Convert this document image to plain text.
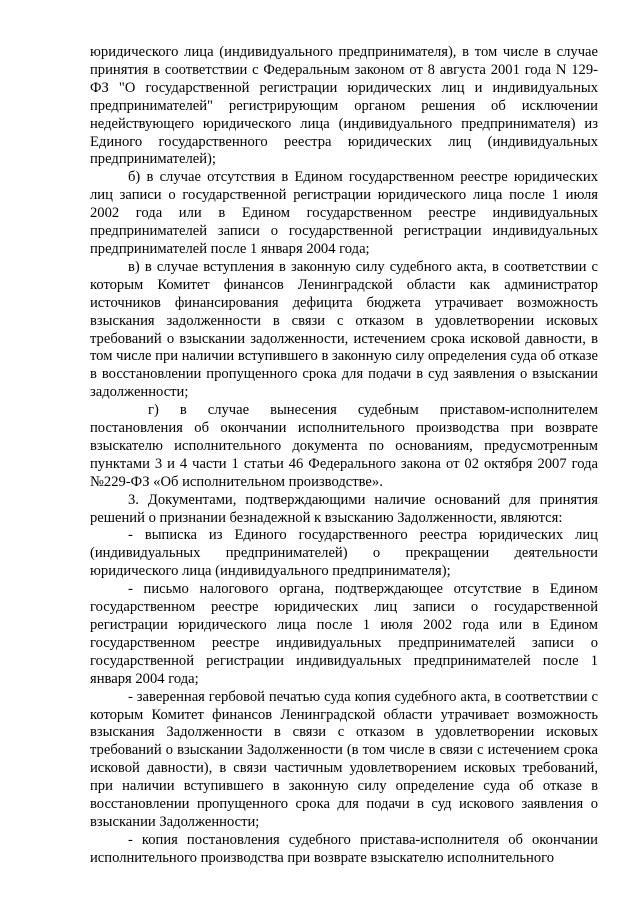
юридического лица (индивидуального предпринимателя), в том числе в случае принятия в соответствии с Федеральным законом от 8 августа 2001 года N 129-ФЗ "О государственной регистрации юридических лиц и индивидуальных предпринимателей" регистрирующим органом решения об исключении недействующего юридического лица (индивидуального предпринимателя) из Единого государственного реестра юридических лиц (индивидуальных предпринимателей);

б) в случае отсутствия в Едином государственном реестре юридических лиц записи о государственной регистрации юридического лица после 1 июля 2002 года или в Едином государственном реестре индивидуальных предпринимателей записи о государственной регистрации индивидуальных предпринимателей после 1 января 2004 года;

в) в случае вступления в законную силу судебного акта, в соответствии с которым Комитет финансов Ленинградской области как администратор источников финансирования дефицита бюджета утрачивает возможность взыскания задолженности в связи с отказом в удовлетворении исковых требований о взыскании задолженности, истечением срока исковой давности, в том числе при наличии вступившего в законную силу определения суда об отказе в восстановлении пропущенного срока для подачи в суд заявления о взыскании задолженности;

г) в случае вынесения судебным приставом-исполнителем постановления об окончании исполнительного производства при возврате взыскателю исполнительного документа по основаниям, предусмотренным пунктами 3 и 4 части 1 статьи 46 Федерального закона от 02 октября 2007 года №229-ФЗ «Об исполнительном производстве».

3. Документами, подтверждающими наличие оснований для принятия решений о признании безнадежной к взысканию Задолженности, являются:

- выписка из Единого государственного реестра юридических лиц (индивидуальных предпринимателей) о прекращении деятельности юридического лица (индивидуального предпринимателя);

- письмо налогового органа, подтверждающее отсутствие в Едином государственном реестре юридических лиц записи о государственной регистрации юридического лица после 1 июля 2002 года или в Едином государственном реестре индивидуальных предпринимателей записи о государственной регистрации индивидуальных предпринимателей после 1 января 2004 года;

- заверенная гербовой печатью суда копия судебного акта, в соответствии с которым Комитет финансов Ленинградской области утрачивает возможность взыскания Задолженности в связи с отказом в удовлетворении исковых требований о взыскании Задолженности (в том числе в связи с истечением срока исковой давности), в связи частичным удовлетворением исковых требований, при наличии вступившего в законную силу определение суда об отказе в восстановлении пропущенного срока для подачи в суд искового заявления о взыскании Задолженности;

- копия постановления судебного пристава-исполнителя об окончании исполнительного производства при возврате взыскателю исполнительного
